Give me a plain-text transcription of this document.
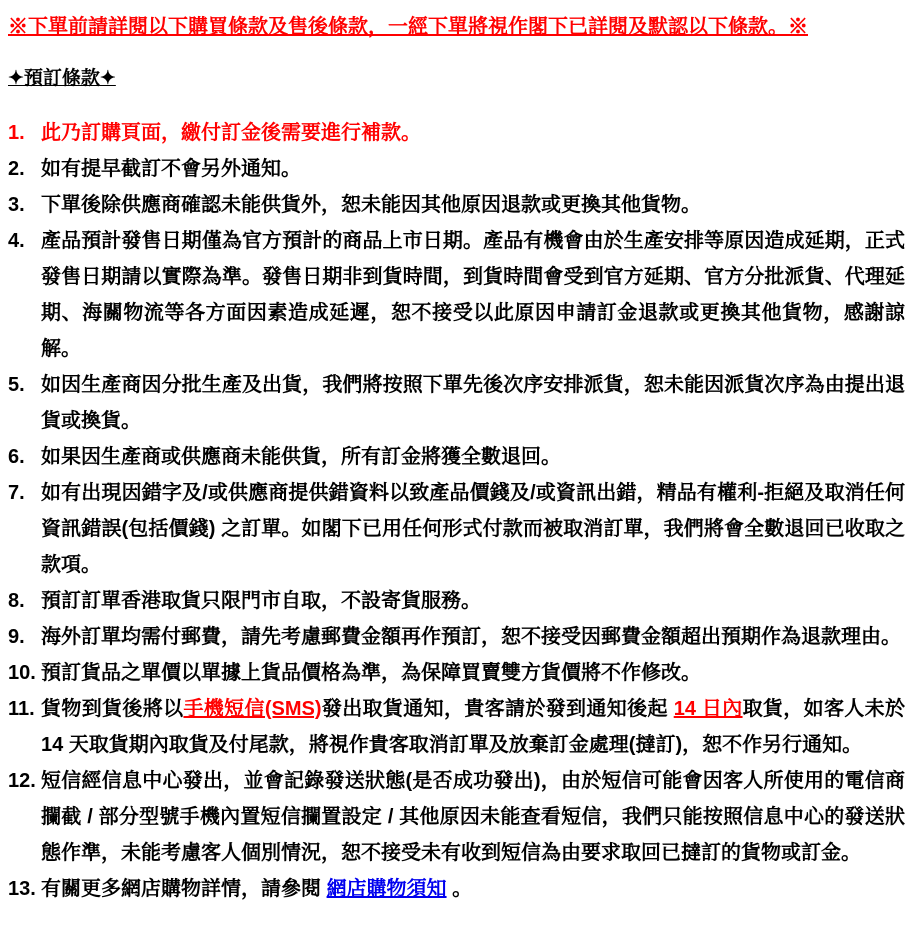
※下單前請詳閱以下購買條款及售後條款，一經下單將視作閣下已詳閱及默認以下條款。※
✦預訂條款✦
1. 此乃訂購頁面，繳付訂金後需要進行補款。
2. 如有提早截訂不會另外通知。
3. 下單後除供應商確認未能供貨外，恕未能因其他原因退款或更換其他貨物。
4. 產品預計發售日期僅為官方預計的商品上市日期。產品有機會由於生產安排等原因造成延期，正式發售日期請以實際為準。發售日期非到貨時間，到貨時間會受到官方延期、官方分批派貨、代理延期、海關物流等各方面因素造成延遲，恕不接受以此原因申請訂金退款或更換其他貨物，感謝諒解。
5. 如因生產商因分批生產及出貨，我們將按照下單先後次序安排派貨，恕未能因派貨次序為由提出退貨或換貨。
6. 如果因生產商或供應商未能供貨，所有訂金將獲全數退回。
7. 如有出現因錯字及/或供應商提供錯資料以致產品價錢及/或資訊出錯，精品有權利-拒絕及取消任何資訊錯誤(包括價錢) 之訂單。如閣下已用任何形式付款而被取消訂單，我們將會全數退回已收取之款項。
8. 預訂訂單香港取貨只限門市自取，不設寄貨服務。
9. 海外訂單均需付郵費，請先考慮郵費金額再作預訂，恕不接受因郵費金額超出預期作為退款理由。
10. 預訂貨品之單價以單據上貨品價格為準，為保障買賣雙方貨價將不作修改。
11. 貨物到貨後將以手機短信(SMS)發出取貨通知，貴客請於發到通知後起 14 日內取貨，如客人未於14 天取貨期內取貨及付尾款，將視作貴客取消訂單及放棄訂金處理(撻訂)，恕不作另行通知。
12. 短信經信息中心發出，並會記錄發送狀態(是否成功發出)，由於短信可能會因客人所使用的電信商攔截 / 部分型號手機內置短信攔置設定 / 其他原因未能查看短信，我們只能按照信息中心的發送狀態作準，未能考慮客人個別情況，恕不接受未有收到短信為由要求取回已撻訂的貨物或訂金。
13. 有關更多網店購物詳情，請參閱 網店購物須知 。
